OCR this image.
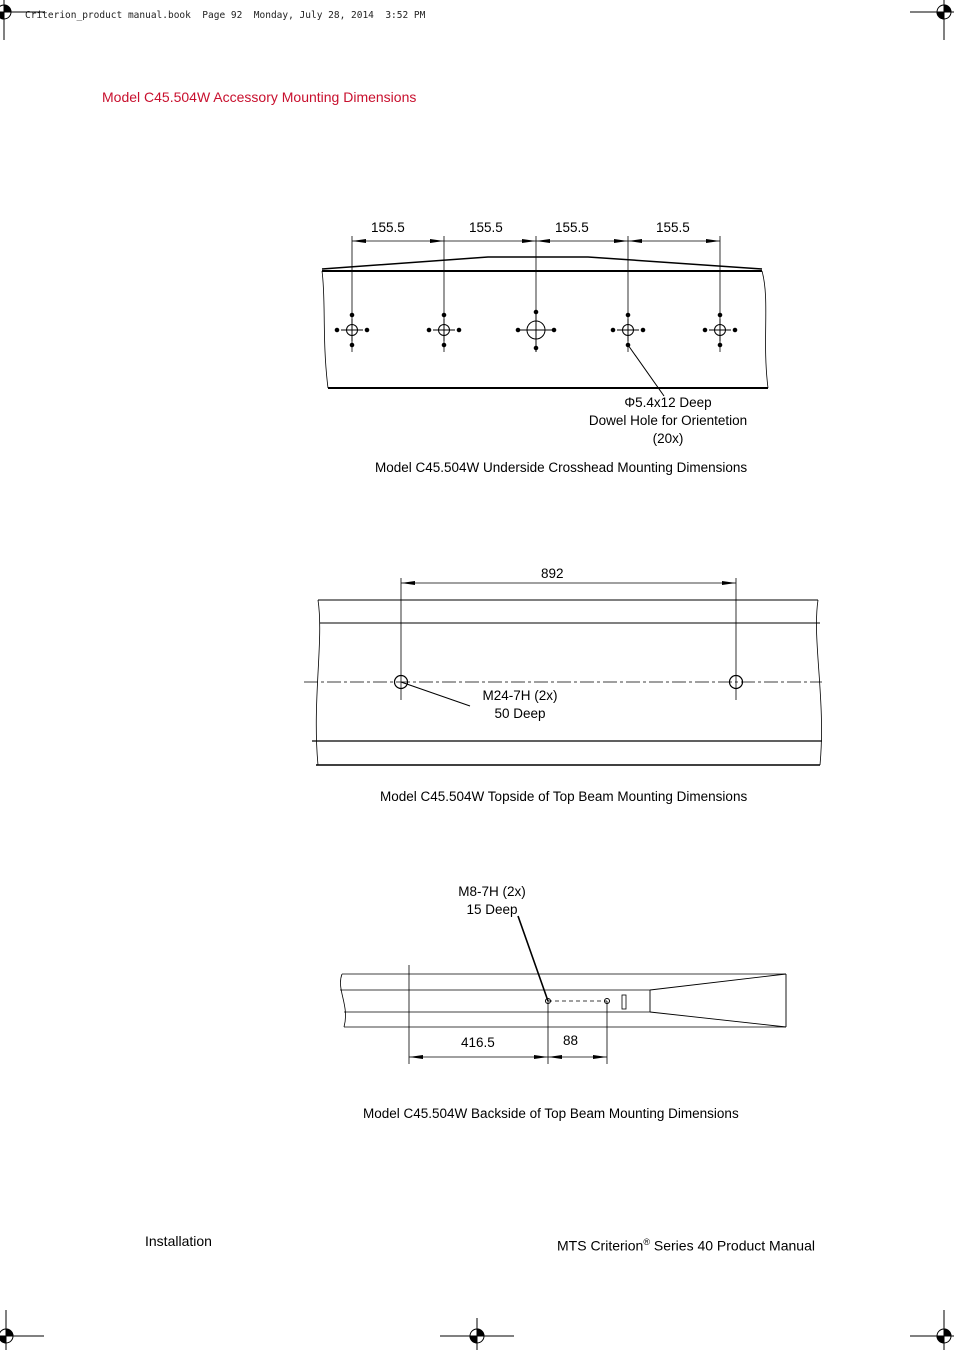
Criterion_product manual.book  Page 92  Monday, July 28, 2014  3:52 PM
Model C45.504W Accessory Mounting Dimensions
155.5	155.5	155.5	155.5
Φ5.4x12 Deep
Dowel Hole for Orientetion
(20x)
Model C45.504W Underside Crosshead Mounting Dimensions
892
M24-7H (2x)
50 Deep
Model C45.504W Topside of Top Beam Mounting Dimensions
M8-7H (2x)
15 Deep
416.5	88
Model C45.504W Backside of Top Beam Mounting Dimensions
Installation	MTS Criterion® Series 40 Product Manual
